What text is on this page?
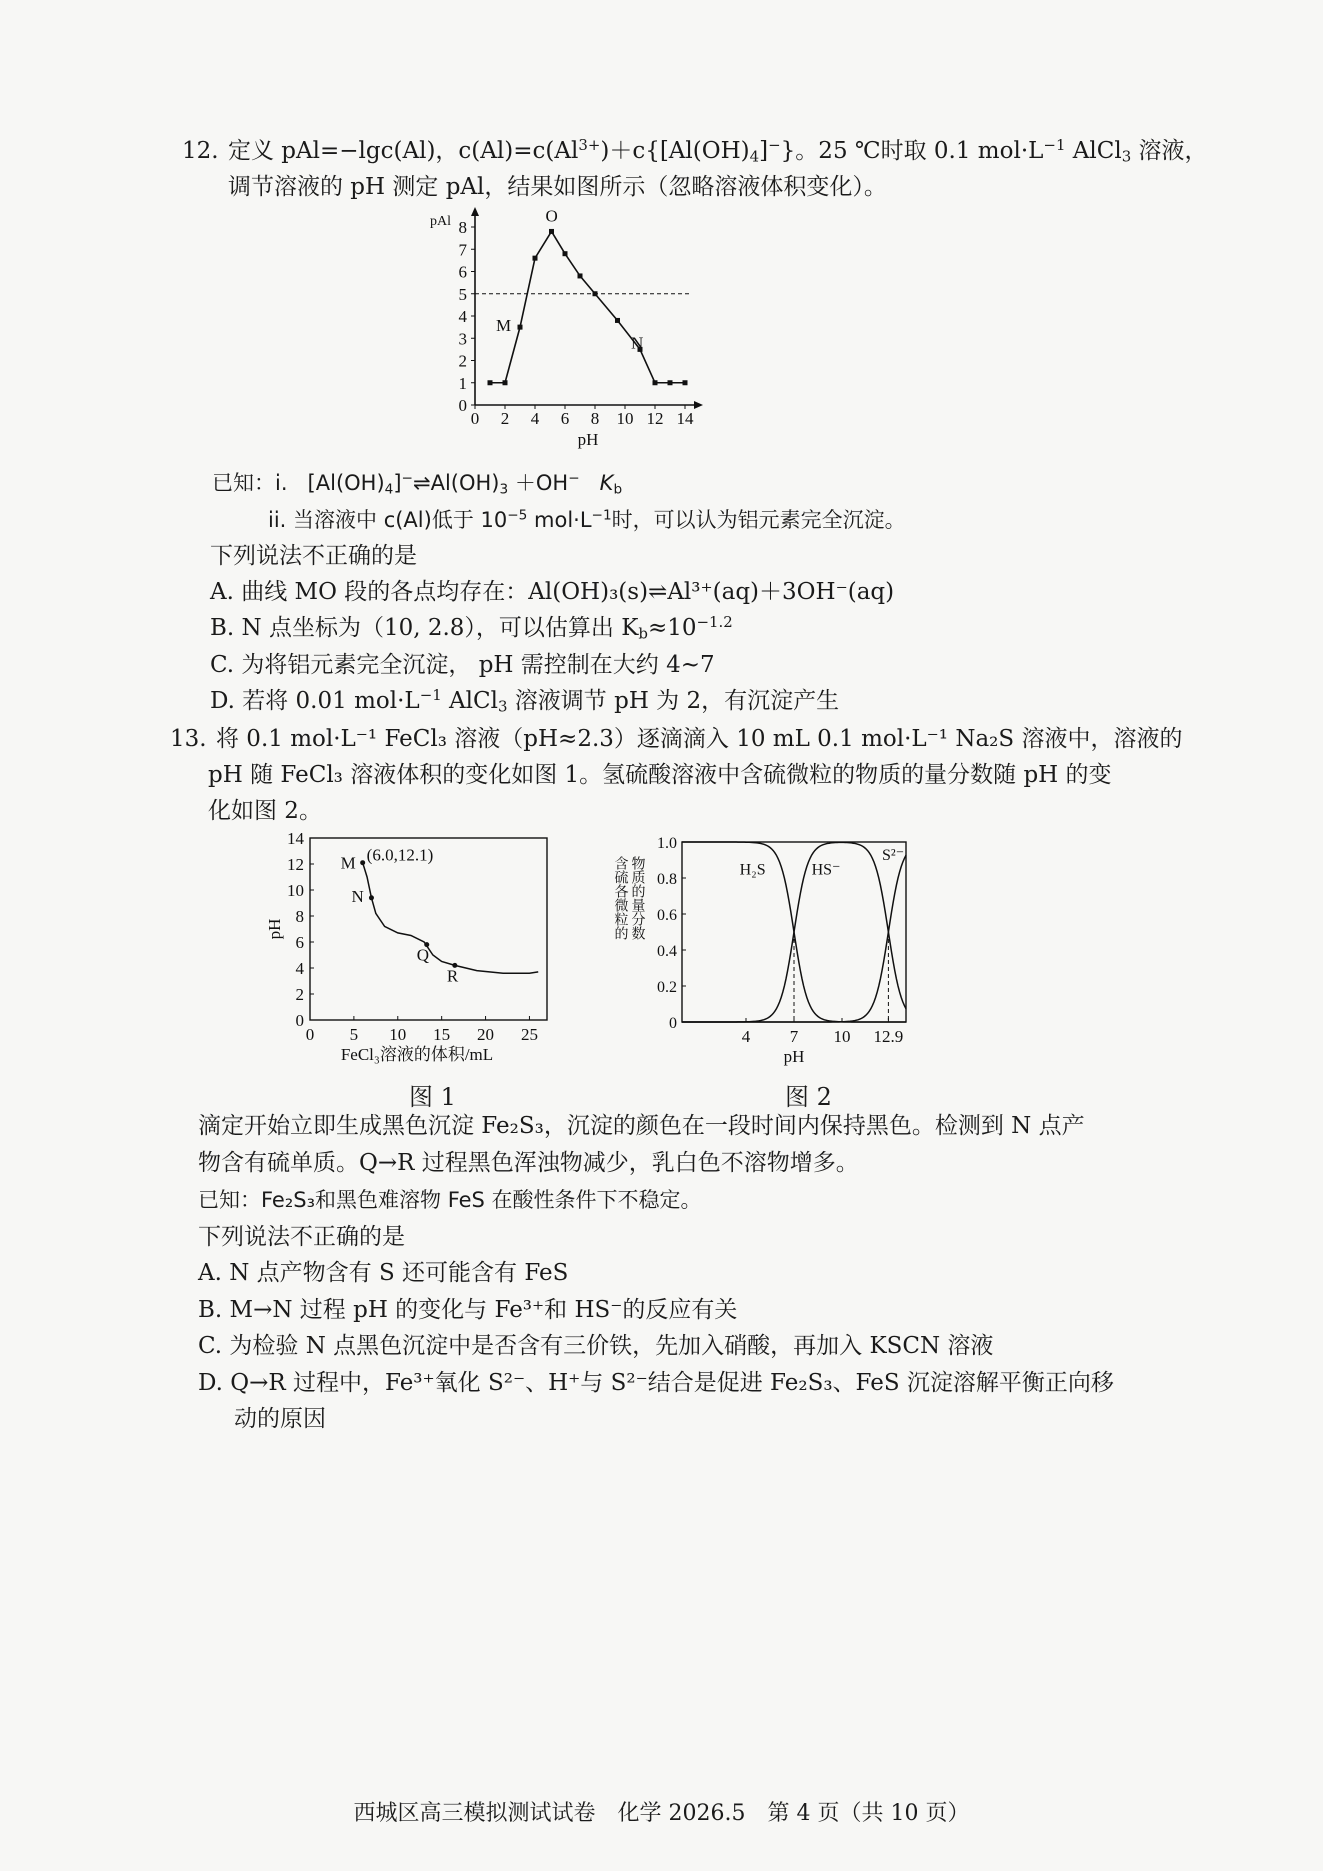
12. 定义 pAl=−lgc(Al)，$c(Al)=c(Al^{3+})+c\{[Al(OH)_4]^-\}$。25 ℃时取 0.1 $mol\cdot L^{-1}$ AlCl$_3$ 溶液，
调节溶液的 pH 测定 pAl，结果如图所示（忽略溶液体积变化）。
pAl
0 2 4 6 8 10 12 14
0
1
2
3
4
5
6
7
8
pH
O
M
N
已知：i. $[Al(OH)_4]^-\rightleftharpoons Al(OH)_3 +OH^-$ $K_b$
ii. 当溶液中 c(Al)低于 $10^{-5}$ $mol\cdot L^{-1}$时，可以认为铝元素完全沉淀。
下列说法不正确的是
A. 曲线 MO 段的各点均存在：Al(OH)₃(s)⇌Al³⁺(aq)＋3OH⁻(aq)
B. N 点坐标为（10, 2.8），可以估算出 $K_b\approx 10^{-1.2}$
C. 为将铝元素完全沉淀， pH 需控制在大约 4~7
D. 若将 0.01 $mol\cdot L^{-1}$ AlCl$_3$ 溶液调节 pH 为 2，有沉淀产生
13. 将 0.1 mol·L⁻¹ FeCl₃ 溶液（pH≈2.3）逐滴滴入 10 mL 0.1 mol·L⁻¹ Na₂S 溶液中，溶液的
pH 随 FeCl₃ 溶液体积的变化如图 1。氢硫酸溶液中含硫微粒的物质的量分数随 pH 的变
化如图 2。
0 5 10 15 20 25
0
2
4
6
8
10
12
14
FeCl₃溶液的体积/mL
pH
M (6.0,12.1)
N
Q
R
图 1
4 7 10 12.9
0
0.2
0.4
0.6
0.8
1.0
pH
含硫各微粒的 物质的量分数	H₂S	HS⁻
S²⁻
图 2
滴定开始立即生成黑色沉淀 Fe₂S₃，沉淀的颜色在一段时间内保持黑色。检测到 N 点产
物含有硫单质。Q→R 过程黑色浑浊物减少，乳白色不溶物增多。
已知：Fe₂S₃和黑色难溶物 FeS 在酸性条件下不稳定。
下列说法不正确的是
A. N 点产物含有 S 还可能含有 FeS
B. M→N 过程 pH 的变化与 Fe³⁺和 HS⁻的反应有关
C. 为检验 N 点黑色沉淀中是否含有三价铁，先加入硝酸，再加入 KSCN 溶液
D. Q→R 过程中，Fe³⁺氧化 S²⁻、H⁺与 S²⁻结合是促进 Fe₂S₃、FeS 沉淀溶解平衡正向移
动的原因
西城区高三模拟测试试卷　化学 2026.5　第 4 页（共 10 页）
